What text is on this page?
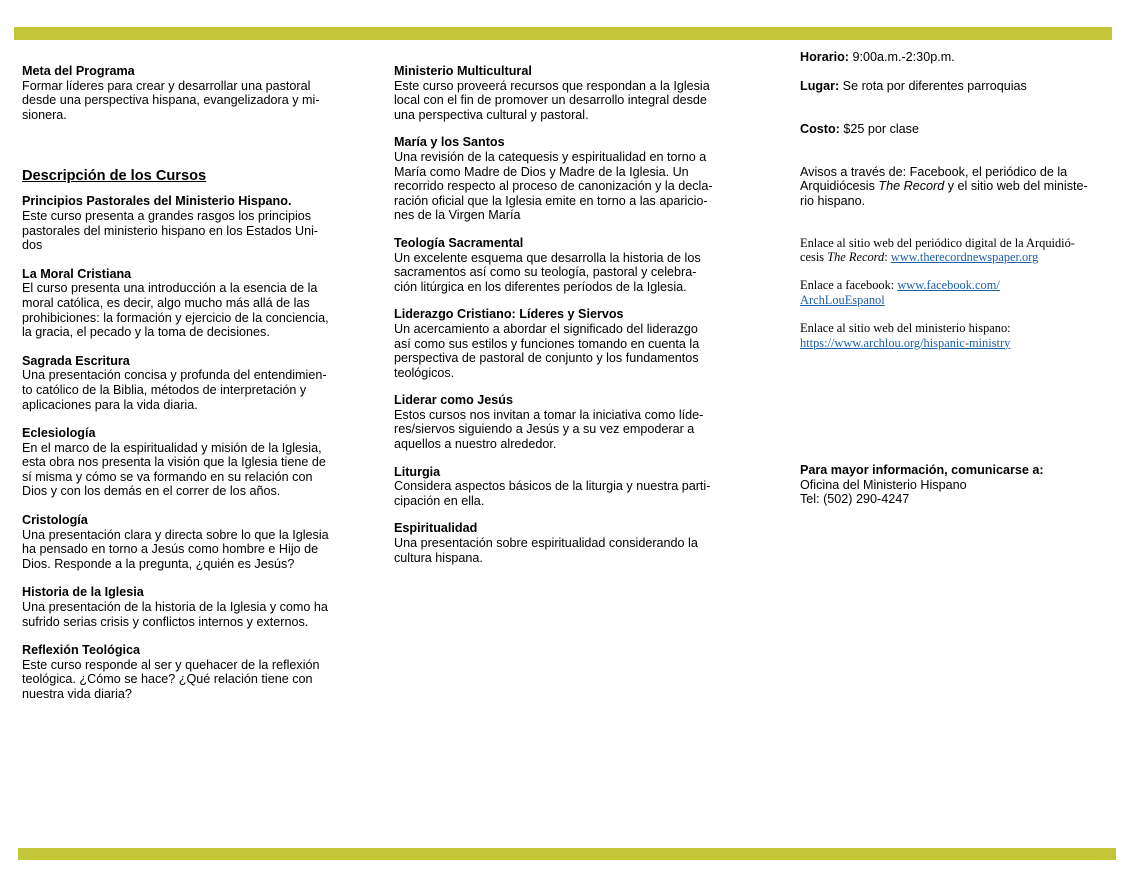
Meta del Programa

Formar líderes para crear y desarrollar una pastoral
desde una perspectiva hispana, evangelizadora y mi-
sionera.

Descripción de los Cursos

Principios Pastorales del Ministerio Hispano.

Este curso presenta a grandes rasgos los principios
pastorales del ministerio hispano en los Estados Uni-
dos

La Moral Cristiana

El curso presenta una introducción a la esencia de la
moral católica, es decir, algo mucho más allá de las
prohibiciones: la formación y ejercicio de la conciencia,
la gracia, el pecado y la toma de decisiones.

Sagrada Escritura

Una presentación concisa y profunda del entendimien-
to católico de la Biblia, métodos de interpretación y
aplicaciones para la vida diaria.

Eclesiología

En el marco de la espiritualidad y misión de la Iglesia,
esta obra nos presenta la visión que la Iglesia tiene de
sí misma y cómo se va formando en su relación con
Dios y con los demás en el correr de los años.

Cristología

Una presentación clara y directa sobre lo que la Iglesia
ha pensado en torno a Jesús como hombre e Hijo de
Dios. Responde a la pregunta, ¿quién es Jesús?

Historia de la Iglesia

Una presentación de la historia de la Iglesia y como ha
sufrido serias crisis y conflictos internos y externos.

Reflexión Teológica

Este curso responde al ser y quehacer de la reflexión
teológica. ¿Cómo se hace? ¿Qué relación tiene con
nuestra vida diaria?

Ministerio Multicultural

Este curso proveerá recursos que respondan a la Iglesia
local con el fin de promover un desarrollo integral desde
una perspectiva cultural y pastoral.

María y los Santos

Una revisión de la catequesis y espiritualidad en torno a
María como Madre de Dios y Madre de la Iglesia. Un
recorrido respecto al proceso de canonización y la decla-
ración oficial que la Iglesia emite en torno a las aparicio-
nes de la Virgen María

Teología Sacramental

Un excelente esquema que desarrolla la historia de los
sacramentos así como su teología, pastoral y celebra-
ción litúrgica en los diferentes períodos de la Iglesia.

Liderazgo Cristiano: Líderes y Siervos

Un acercamiento a abordar el significado del liderazgo
así como sus estilos y funciones tomando en cuenta la
perspectiva de pastoral de conjunto y los fundamentos
teológicos.

Liderar como Jesús

Estos cursos nos invitan a tomar la iniciativa como líde-
res/siervos siguiendo a Jesús y a su vez empoderar a
aquellos a nuestro alrededor.

Liturgia

Considera aspectos básicos de la liturgia y nuestra parti-
cipación en ella.

Espiritualidad

Una presentación sobre espiritualidad considerando la
cultura hispana.

Horario: 9:00a.m.-2:30p.m.

Lugar: Se rota por diferentes parroquias

Costo: $25 por clase

Avisos a través de: Facebook, el periódico de la
Arquidiócesis The Record y el sitio web del ministe-
rio hispano.

Enlace al sitio web del periódico digital de la Arquidió-
cesis The Record: www.therecordnewspaper.org

Enlace a facebook: www.facebook.com/
ArchLouEspanol

Enlace al sitio web del ministerio hispano:
https://www.archlou.org/hispanic-ministry

Para mayor información, comunicarse a:

Oficina del Ministerio Hispano

Tel: (502) 290-4247
